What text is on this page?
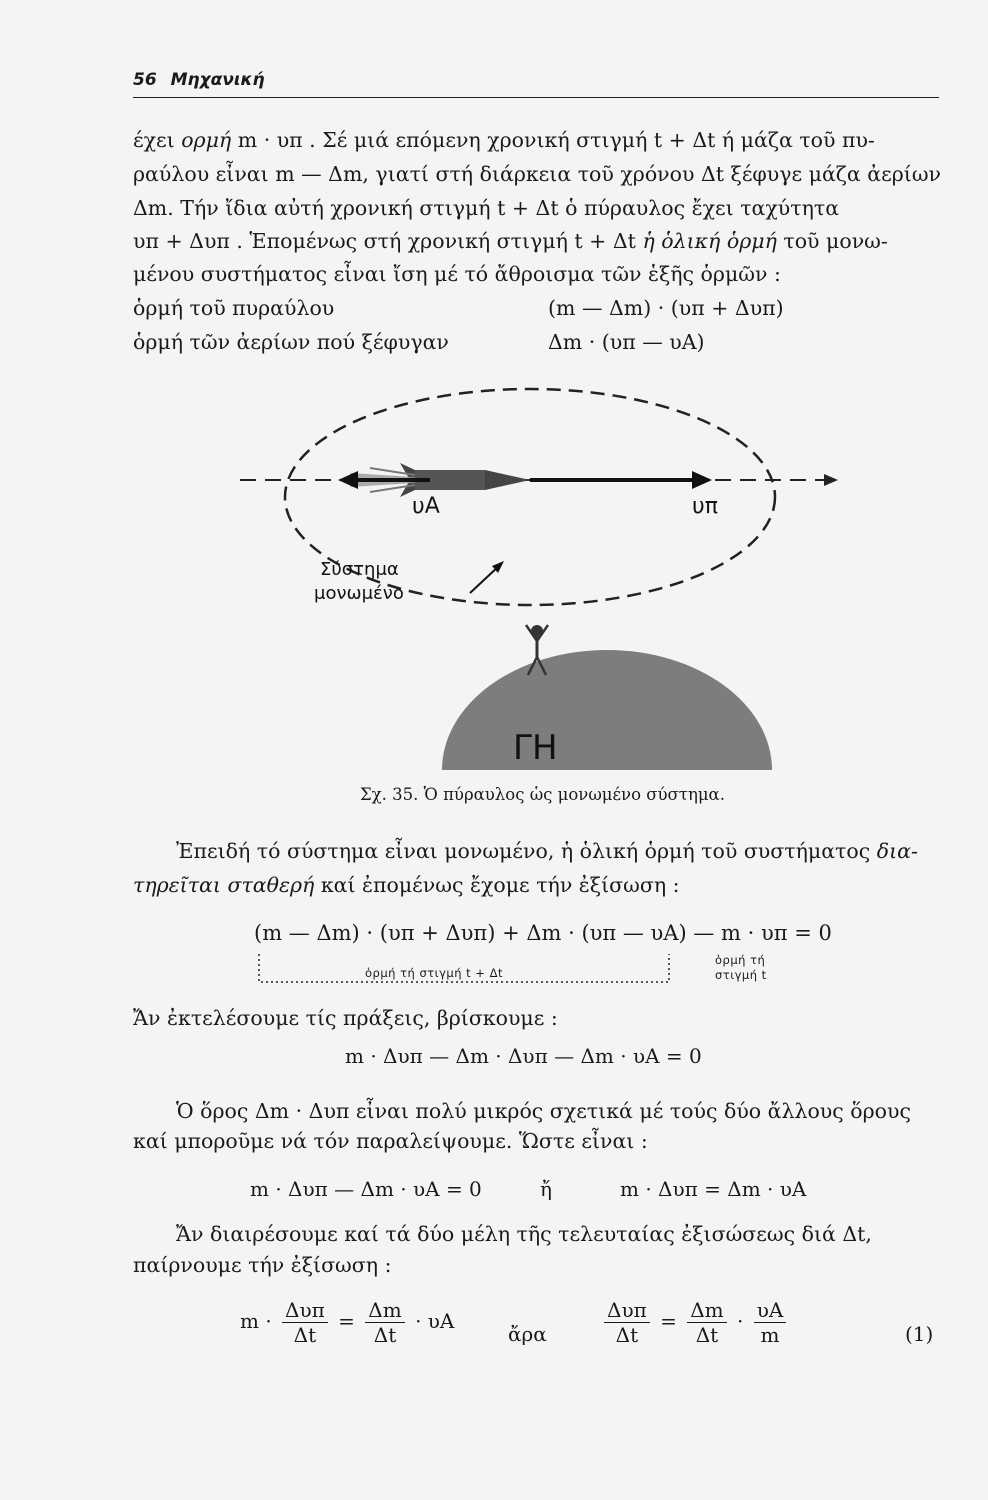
56 Μηχανική
έχει ορμή m · υπ . Σέ μιά επόμενη χρονική στιγμή t + Δt ή μάζα τοῦ πυ-
ραύλου εἶναι m — Δm, γιατί στή διάρκεια τοῦ χρόνου Δt ξέφυγε μάζα ἀερίων
Δm. Τήν ἴδια αὐτή χρονική στιγμή t + Δt ὁ πύραυλος ἔχει ταχύτητα
υπ + Δυπ . Ἑπομένως στή χρονική στιγμή t + Δt ἡ ὁλική ὁρμή τοῦ μονω-
μένου συστήματος εἶναι ἴση μέ τό ἄθροισμα τῶν ἑξῆς ὁρμῶν :
ὁρμή τοῦ πυραύλου	(m — Δm) · (υπ + Δυπ)
ὁρμή τῶν ἀερίων πού ξέφυγαν	Δm · (υπ — υΑ)
υΑ	υπ
Σύστημα
μονωμένο
ΓΗ
Σχ. 35. Ὁ πύραυλος ὡς μονωμένο σύστημα.
Ἐπειδή τό σύστημα εἶναι μονωμένο, ἡ ὁλική ὁρμή τοῦ συστήματος δια-
τηρεῖται σταθερή καί ἐπομένως ἔχομε τήν ἐξίσωση :
(m — Δm) · (υπ + Δυπ) + Δm · (υπ — υΑ) — m · υπ = 0
ὁρμή τή στιγμή t + Δt
ὁρμή τή
στιγμή t
Ἄν ἐκτελέσουμε τίς πράξεις, βρίσκουμε :
m · Δυπ — Δm · Δυπ — Δm · υΑ = 0
Ὁ ὅρος Δm · Δυπ εἶναι πολύ μικρός σχετικά μέ τούς δύο ἄλλους ὅρους
καί μποροῦμε νά τόν παραλείψουμε. Ὥστε εἶναι :
m · Δυπ — Δm · υΑ = 0	ἤ	m · Δυπ = Δm · υΑ
Ἄν διαιρέσουμε καί τά δύο μέλη τῆς τελευταίας ἐξισώσεως διά Δt,
παίρνουμε τήν ἐξίσωση :
$m \cdot \frac{\text{Δυπ}}{\Delta t} = \frac{\Delta m}{\Delta t} \cdot \upsilon A$
ἄρα	$\frac{\text{Δυπ}}{\Delta t} = \frac{\Delta m}{\Delta t} \cdot \frac{\upsilon A}{m}$	(1)
